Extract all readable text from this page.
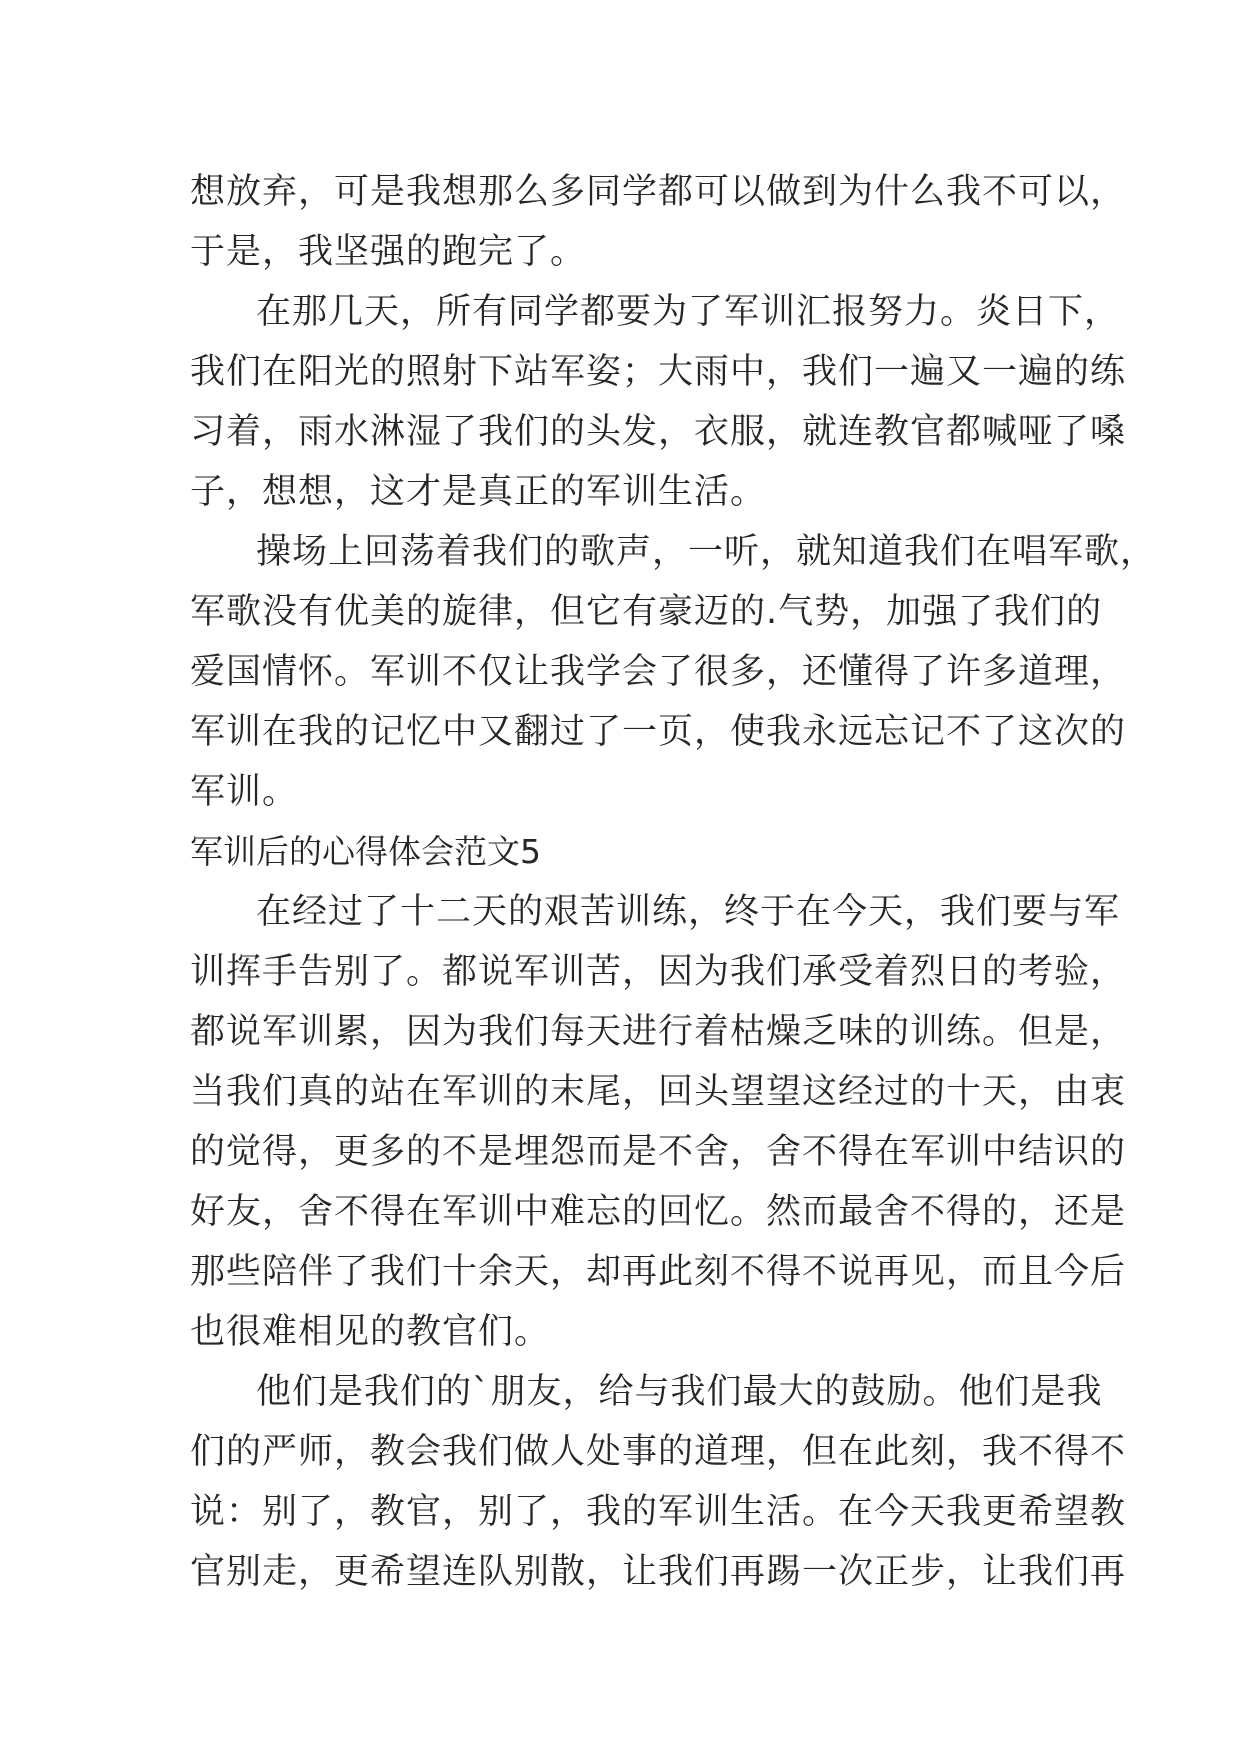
想放弃，可是我想那么多同学都可以做到为什么我不可以，
于是，我坚强的跑完了。
在那几天，所有同学都要为了军训汇报努力。炎日下，
我们在阳光的照射下站军姿；大雨中，我们一遍又一遍的练
习着，雨水淋湿了我们的头发，衣服，就连教官都喊哑了嗓
子，想想，这才是真正的军训生活。
操场上回荡着我们的歌声，一听，就知道我们在唱军歌，
军歌没有优美的旋律，但它有豪迈的.气势，加强了我们的
爱国情怀。军训不仅让我学会了很多，还懂得了许多道理，
军训在我的记忆中又翻过了一页，使我永远忘记不了这次的
军训。
军训后的心得体会范文5
在经过了十二天的艰苦训练，终于在今天，我们要与军
训挥手告别了。都说军训苦，因为我们承受着烈日的考验，
都说军训累，因为我们每天进行着枯燥乏味的训练。但是，
当我们真的站在军训的末尾，回头望望这经过的十天，由衷
的觉得，更多的不是埋怨而是不舍，舍不得在军训中结识的
好友，舍不得在军训中难忘的回忆。然而最舍不得的，还是
那些陪伴了我们十余天，却再此刻不得不说再见，而且今后
也很难相见的教官们。
他们是我们的`朋友，给与我们最大的鼓励。他们是我
们的严师，教会我们做人处事的道理，但在此刻，我不得不
说：别了，教官，别了，我的军训生活。在今天我更希望教
官别走，更希望连队别散，让我们再踢一次正步，让我们再
